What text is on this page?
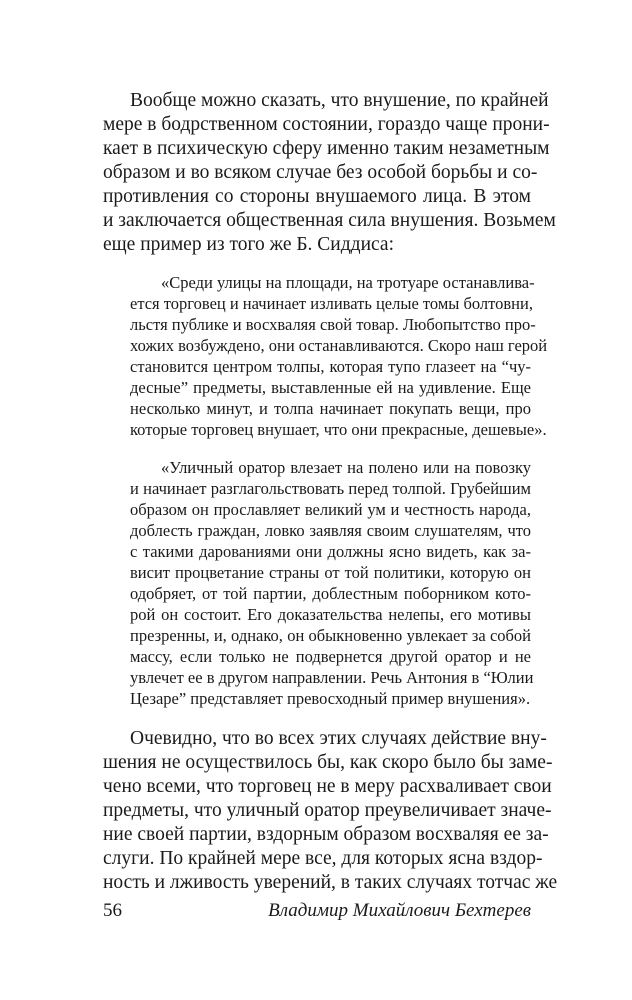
Вообще можно сказать, что внушение, по крайней

мере в бодрственном состоянии, гораздо чаще прони-

кает в психическую сферу именно таким незаметным

образом и во всяком случае без особой борьбы и со-

противления со стороны внушаемого лица. В этом

и заключается общественная сила внушения. Возьмем

еще пример из того же Б. Сиддиса:

«Среди улицы на площади, на тротуаре останавлива-

ется торговец и начинает изливать целые томы болтовни,

льстя публике и восхваляя свой товар. Любопытство про-

хожих возбуждено, они останавливаются. Скоро наш герой

становится центром толпы, которая тупо глазеет на “чу-

десные” предметы, выставленные ей на удивление. Еще

несколько минут, и толпа начинает покупать вещи, про

которые торговец внушает, что они прекрасные, дешевые».

«Уличный оратор влезает на полено или на повозку

и начинает разглагольствовать перед толпой. Грубейшим

образом он прославляет великий ум и честность народа,

доблесть граждан, ловко заявляя своим слушателям, что

с такими дарованиями они должны ясно видеть, как за-

висит процветание страны от той политики, которую он

одобряет, от той партии, доблестным поборником кото-

рой он состоит. Его доказательства нелепы, его мотивы

презренны, и, однако, он обыкновенно увлекает за собой

массу, если только не подвернется другой оратор и не

увлечет ее в другом направлении. Речь Антония в “Юлии

Цезаре” представляет превосходный пример внушения».

Очевидно, что во всех этих случаях действие вну-

шения не осуществилось бы, как скоро было бы заме-

чено всеми, что торговец не в меру расхваливает свои

предметы, что уличный оратор преувеличивает значе-

ние своей партии, вздорным образом восхваляя ее за-

слуги. По крайней мере все, для которых ясна вздор-

ность и лживость уверений, в таких случаях тотчас же

56	Владимир Михайлович Бехтерев
